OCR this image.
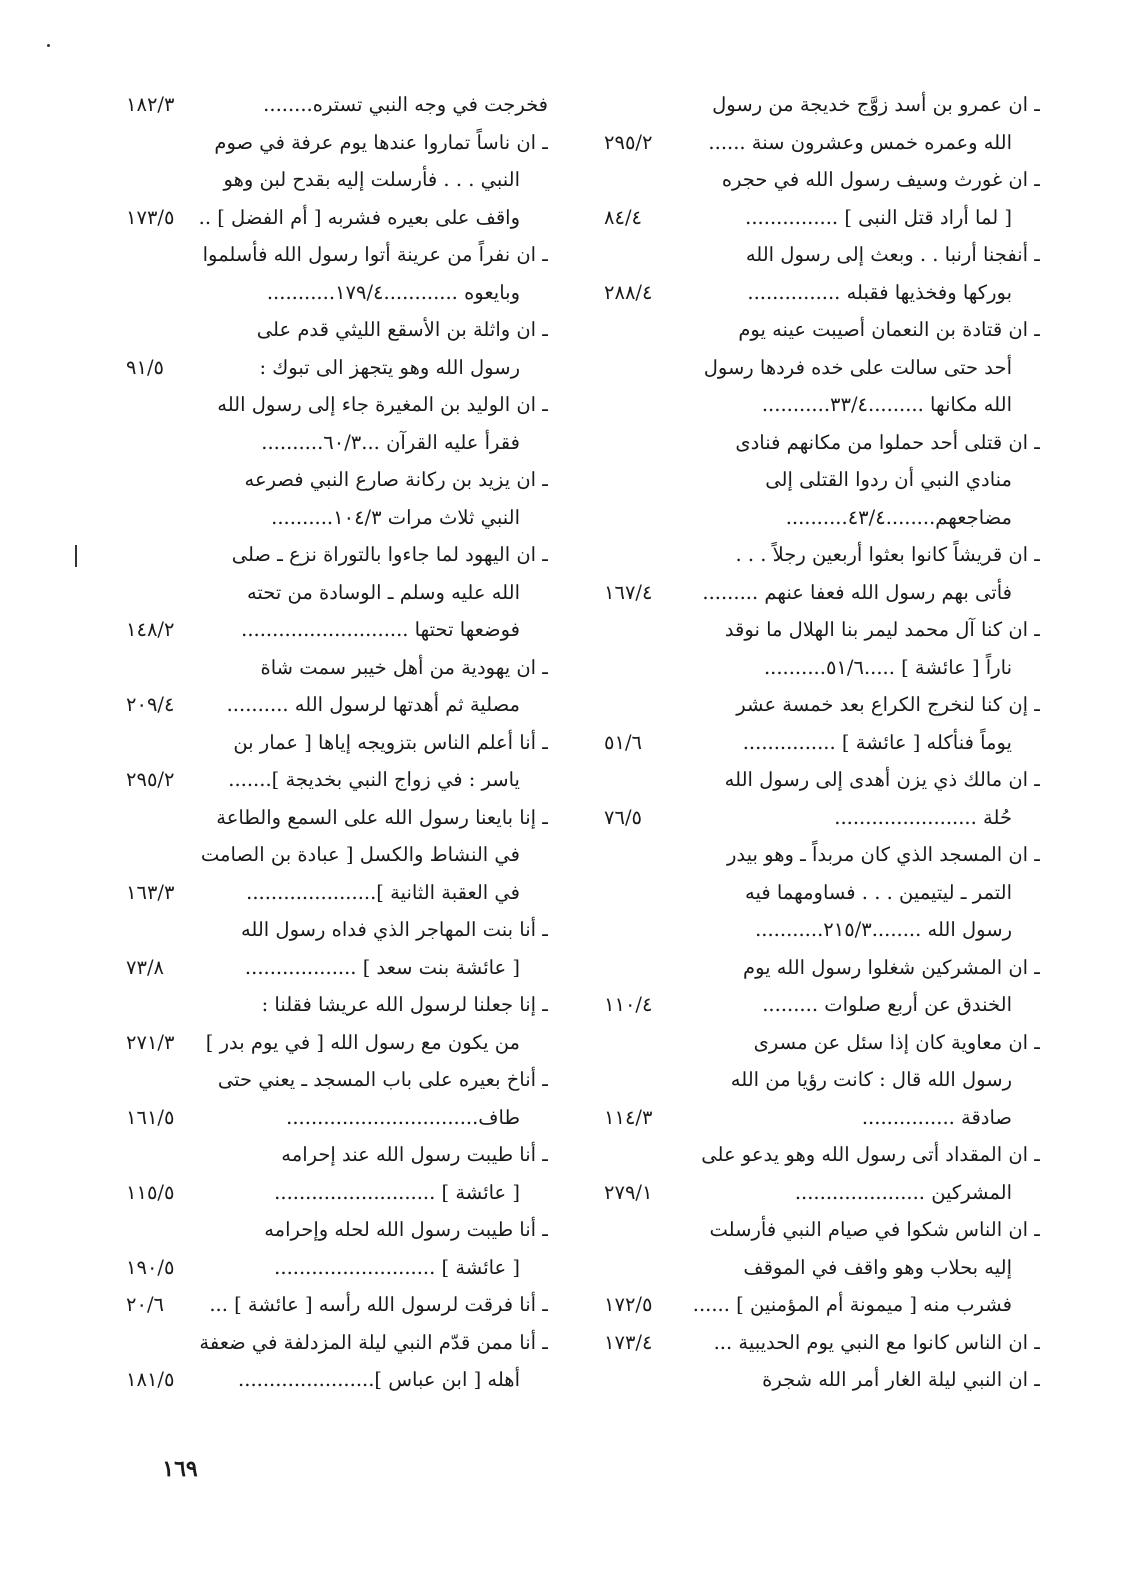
ـ ان عمرو بن أسد زوَّج خديجة من رسول
الله وعمره خمس وعشرون سنة ......
٢٩٥/٢
ـ ان غورث وسيف رسول الله في حجره
[ لما أراد قتل النبى ] ...............
٨٤/٤
ـ أنفجنا أرنبا . . وبعث إلى رسول الله
بوركها وفخذيها فقبله ...............
٢٨٨/٤
ـ ان قتادة بن النعمان أصيبت عينه يوم
أحد حتى سالت على خده فردها رسول
الله مكانها .........٣٣/٤...........
ـ ان قتلى أحد حملوا من مكانهم فنادى
منادي النبي أن ردوا القتلى إلى
مضاجعهم........٤٣/٤..........
ـ ان قريشاً كانوا بعثوا أربعين رجلاً . . .
فأتى بهم رسول الله فعفا عنهم .........
١٦٧/٤
ـ ان كنا آل محمد ليمر بنا الهلال ما نوقد
ناراً [ عائشة ] .....٥١/٦..........
ـ إن كنا لنخرج الكراع بعد خمسة عشر
يوماً فنأكله [ عائشة ] ...............
٥١/٦
ـ ان مالك ذي يزن أهدى إلى رسول الله
حُلة .......................
٧٦/٥
ـ ان المسجد الذي كان مربداً ـ وهو بيدر
التمر ـ ليتيمين . . . فساومهما فيه
رسول الله ........٢١٥/٣...........
ـ ان المشركين شغلوا رسول الله يوم
الخندق عن أربع صلوات .........
١١٠/٤
ـ ان معاوية كان إذا سئل عن مسرى
رسول الله قال : كانت رؤيا من الله
صادقة ...............
١١٤/٣
ـ ان المقداد أتى رسول الله وهو يدعو على
المشركين .....................
٢٧٩/١
ـ ان الناس شكوا في صيام النبي فأرسلت
إليه بحلاب وهو واقف في الموقف
فشرب منه [ ميمونة أم المؤمنين ] ......
١٧٢/٥
ـ ان الناس كانوا مع النبي يوم الحديبية ...
١٧٣/٤
ـ ان النبي ليلة الغار أمر الله شجرة
فخرجت في وجه النبي تستره........
١٨٢/٣
ـ ان ناساً تماروا عندها يوم عرفة في صوم
النبي . . . فأرسلت إليه بقدح لبن وهو
واقف على بعيره فشربه [ أم الفضل ] ..
١٧٣/٥
ـ ان نفراً من عرينة أتوا رسول الله فأسلموا
وبايعوه ............١٧٩/٤...........
ـ ان واثلة بن الأسقع الليثي قدم على
رسول الله وهو يتجهز الى تبوك :
٩١/٥
ـ ان الوليد بن المغيرة جاء إلى رسول الله
فقرأ عليه القرآن ...٦٠/٣..........
ـ ان يزيد بن ركانة صارع النبي فصرعه
النبي ثلاث مرات ١٠٤/٣..........
ـ ان اليهود لما جاءوا بالتوراة نزع ـ صلى
الله عليه وسلم ـ الوسادة من تحته
فوضعها تحتها ...........................
١٤٨/٢
ـ ان يهودية من أهل خيبر سمت شاة
مصلية ثم أهدتها لرسول الله ..........
٢٠٩/٤
ـ أنا أعلم الناس بتزويجه إياها [ عمار بن
ياسر : في زواج النبي بخديجة ].......
٢٩٥/٢
ـ إنا بايعنا رسول الله على السمع والطاعة
في النشاط والكسل [ عبادة بن الصامت
في العقبة الثانية ].....................
١٦٣/٣
ـ أنا بنت المهاجر الذي فداه رسول الله
[ عائشة بنت سعد ] ..................
٧٣/٨
ـ إنا جعلنا لرسول الله عريشا فقلنا :
من يكون مع رسول الله [ في يوم بدر ]
٢٧١/٣
ـ أناخ بعيره على باب المسجد ـ يعني حتى
طاف...............................
١٦١/٥
ـ أنا طيبت رسول الله عند إحرامه
[ عائشة ] ..........................
١١٥/٥
ـ أنا طيبت رسول الله لحله وإحرامه
[ عائشة ] ..........................
١٩٠/٥
ـ أنا فرقت لرسول الله رأسه [ عائشة ] ...
٢٠/٦
ـ أنا ممن قدّم النبي ليلة المزدلفة في ضعفة
أهله [ ابن عباس ]......................
١٨١/٥
١٦٩
